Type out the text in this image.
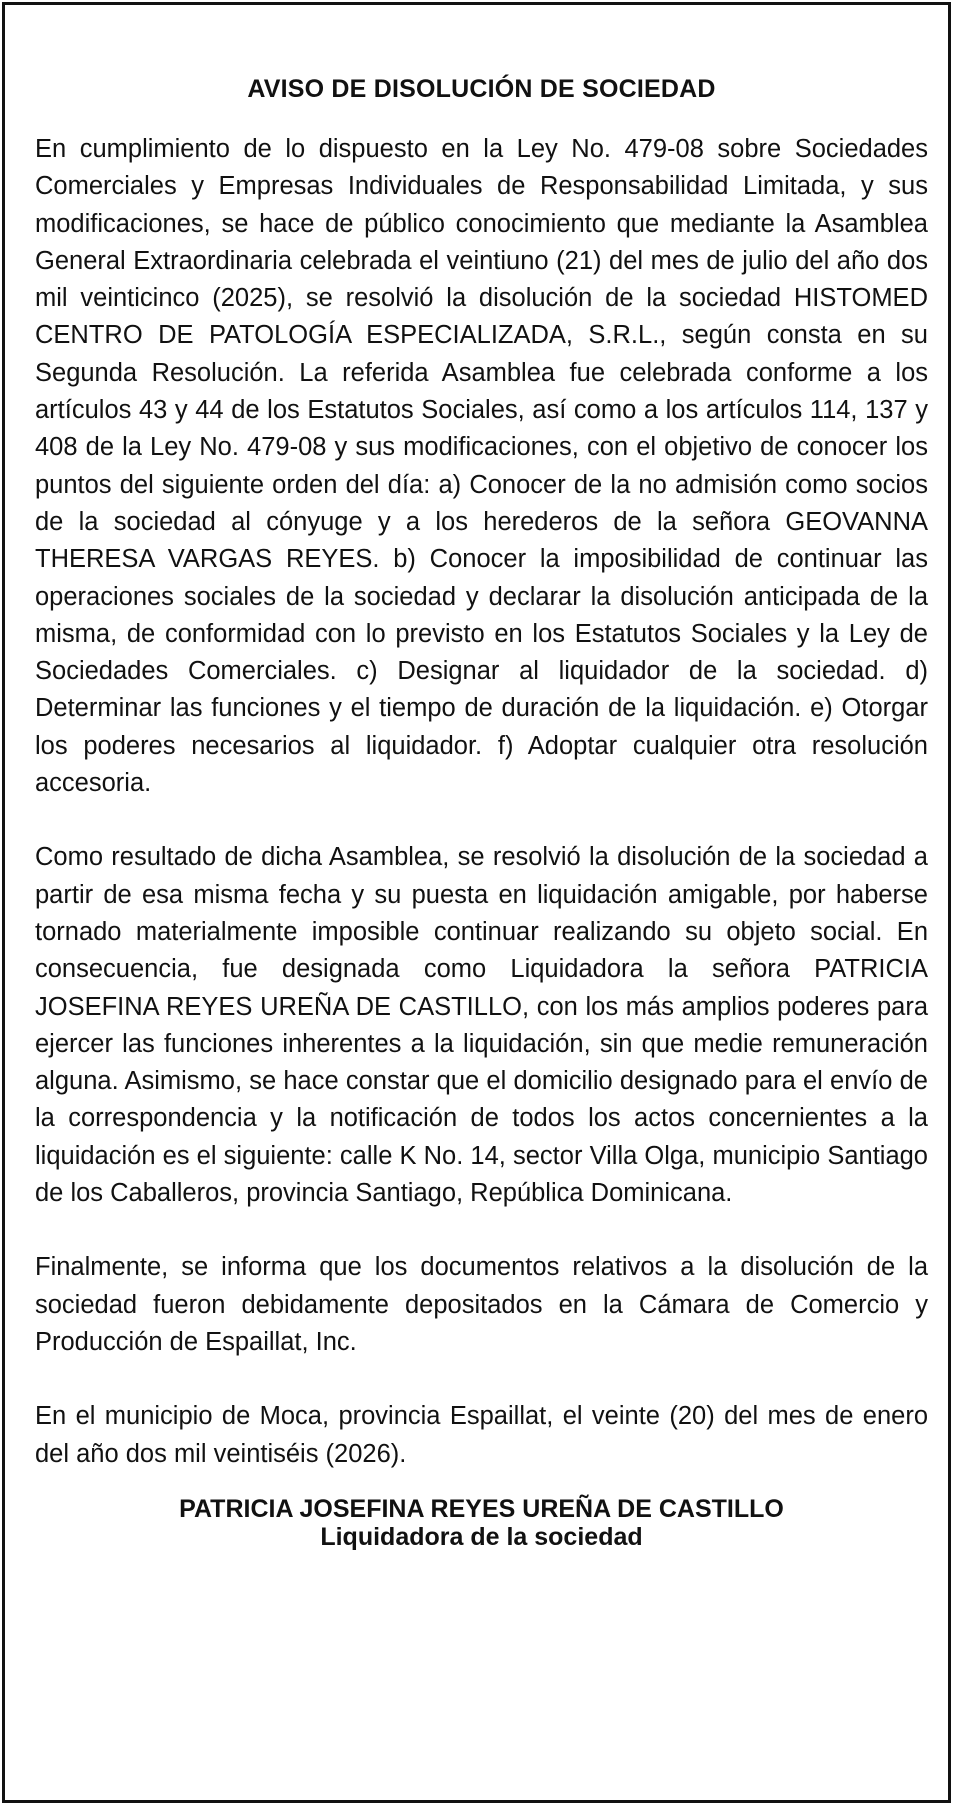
AVISO DE DISOLUCIÓN DE SOCIEDAD

En cumplimiento de lo dispuesto en la Ley No. 479-08 sobre Sociedades Comerciales y Empresas Individuales de Responsabilidad Limitada, y sus modificaciones, se hace de público conocimiento que mediante la Asamblea General Extraordinaria celebrada el veintiuno (21) del mes de julio del año dos mil veinticinco (2025), se resolvió la disolución de la sociedad HISTOMED CENTRO DE PATOLOGÍA ESPECIALIZADA, S.R.L., según consta en su Segunda Resolución. La referida Asamblea fue celebrada conforme a los artículos 43 y 44 de los Estatutos Sociales, así como a los artículos 114, 137 y 408 de la Ley No. 479-08 y sus modificaciones, con el objetivo de conocer los puntos del siguiente orden del día: a) Conocer de la no admisión como socios de la sociedad al cónyuge y a los herederos de la señora GEOVANNA THERESA VARGAS REYES. b) Conocer la imposibilidad de continuar las operaciones sociales de la sociedad y declarar la disolución anticipada de la misma, de conformidad con lo previsto en los Estatutos Sociales y la Ley de Sociedades Comerciales. c) Designar al liquidador de la sociedad. d) Determinar las funciones y el tiempo de duración de la liquidación. e) Otorgar los poderes necesarios al liquidador. f) Adoptar cualquier otra resolución accesoria.

Como resultado de dicha Asamblea, se resolvió la disolución de la sociedad a partir de esa misma fecha y su puesta en liquidación amigable, por haberse tornado materialmente imposible continuar realizando su objeto social. En consecuencia, fue designada como Liquidadora la señora PATRICIA JOSEFINA REYES UREÑA DE CASTILLO, con los más amplios poderes para ejercer las funciones inherentes a la liquidación, sin que medie remuneración alguna. Asimismo, se hace constar que el domicilio designado para el envío de la correspondencia y la notificación de todos los actos concernientes a la liquidación es el siguiente: calle K No. 14, sector Villa Olga, municipio Santiago de los Caballeros, provincia Santiago, República Dominicana.

Finalmente, se informa que los documentos relativos a la disolución de la sociedad fueron debidamente depositados en la Cámara de Comercio y Producción de Espaillat, Inc.

En el municipio de Moca, provincia Espaillat, el veinte (20) del mes de enero del año dos mil veintiséis (2026).

PATRICIA JOSEFINA REYES UREÑA DE CASTILLO
Liquidadora de la sociedad
